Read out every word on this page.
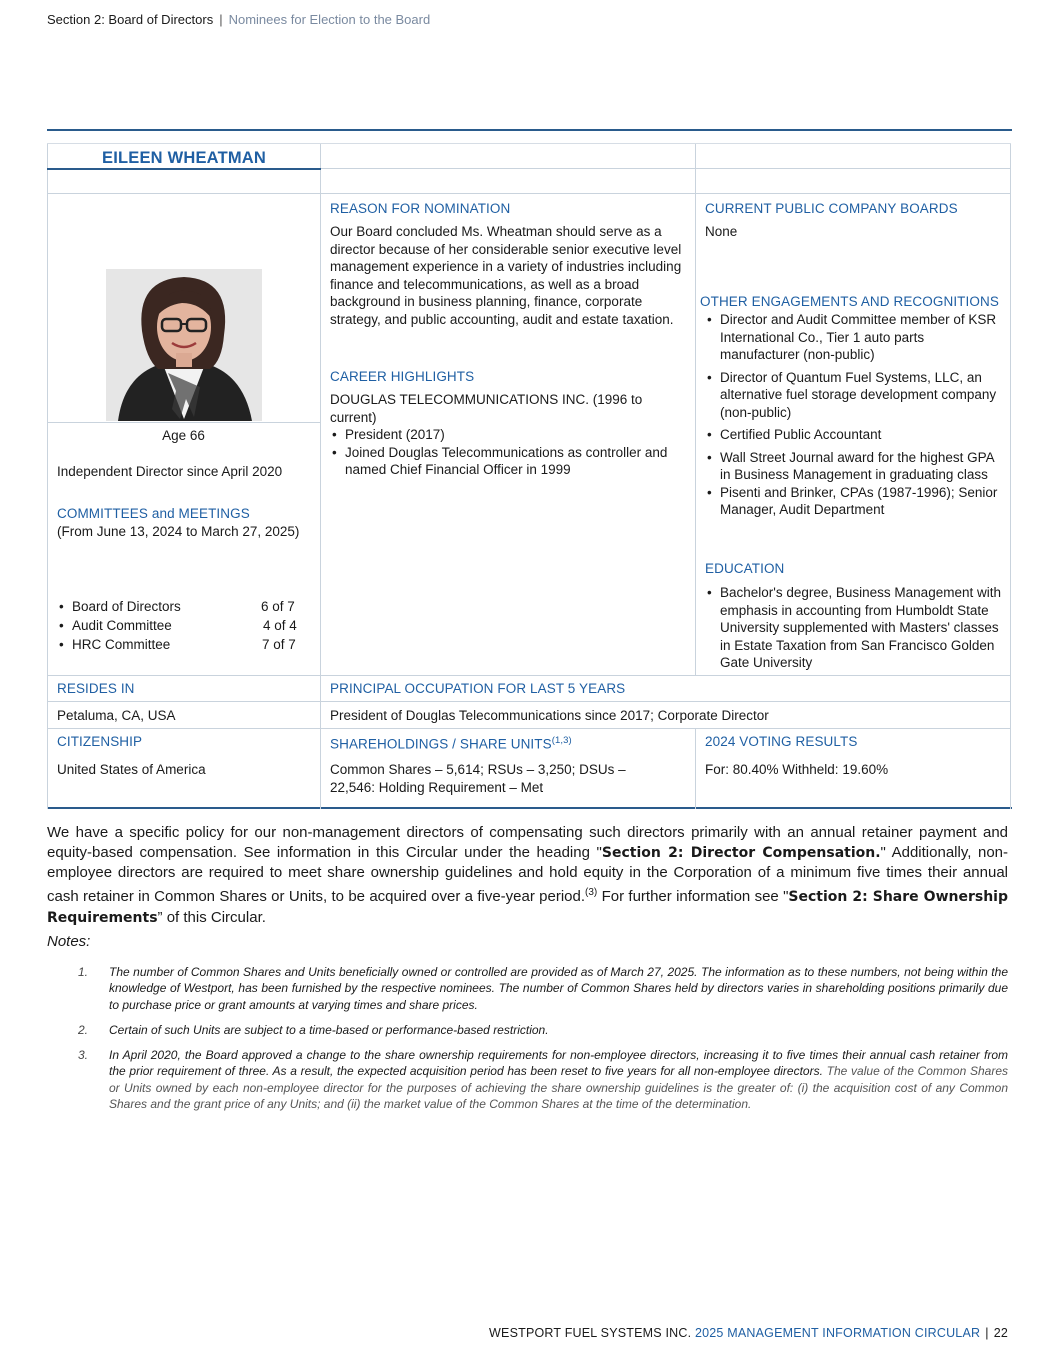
Section 2: Board of Directors | Nominees for Election to the Board
EILEEN WHEATMAN
Age 66
Independent Director since April 2020
COMMITTEES and MEETINGS
(From June 13, 2024 to March 27, 2025)
• Board of Directors	6 of 7
• Audit Committee	4 of 4
• HRC Committee	7 of 7
REASON FOR NOMINATION
Our Board concluded Ms. Wheatman should serve as a director because of her considerable senior executive level management experience in a variety of industries including finance and telecommunications, as well as a broad background in business planning, finance, corporate strategy, and public accounting, audit and estate taxation.
CAREER HIGHLIGHTS
DOUGLAS TELECOMMUNICATIONS INC. (1996 to current)
• President (2017)
• Joined Douglas Telecommunications as controller and named Chief Financial Officer in 1999
CURRENT PUBLIC COMPANY BOARDS
None
OTHER ENGAGEMENTS AND RECOGNITIONS
• Director and Audit Committee member of KSR International Co., Tier 1 auto parts manufacturer (non-public)
• Director of Quantum Fuel Systems, LLC, an alternative fuel storage development company (non-public)
• Certified Public Accountant
• Wall Street Journal award for the highest GPA in Business Management in graduating class
• Pisenti and Brinker, CPAs (1987-1996); Senior Manager, Audit Department
EDUCATION
• Bachelor's degree, Business Management with emphasis in accounting from Humboldt State University supplemented with Masters' classes in Estate Taxation from San Francisco Golden Gate University
RESIDES IN	PRINCIPAL OCCUPATION FOR LAST 5 YEARS
Petaluma, CA, USA	President of Douglas Telecommunications since 2017; Corporate Director
CITIZENSHIP	SHAREHOLDINGS / SHARE UNITS$^{(1,3)}$	2024 VOTING RESULTS
United States of America	Common Shares – 5,614; RSUs – 3,250; DSUs – 22,546: Holding Requirement – Met
For: 80.40% Withheld: 19.60%
We have a specific policy for our non-management directors of compensating such directors primarily with an annual retainer payment and equity-based compensation. See information in this Circular under the heading "Section 2: Director Compensation." Additionally, non-employee directors are required to meet share ownership guidelines and hold equity in the Corporation of a minimum five times their annual cash retainer in Common Shares or Units, to be acquired over a five-year period.$^{(3)}$ For further information see "Section 2: Share Ownership Requirements” of this Circular.
Notes:
1.	The number of Common Shares and Units beneficially owned or controlled are provided as of March 27, 2025. The information as to these numbers, not being within the knowledge of Westport, has been furnished by the respective nominees. The number of Common Shares held by directors varies in shareholding positions primarily due to purchase price or grant amounts at varying times and share prices.
2.	Certain of such Units are subject to a time-based or performance-based restriction.
3.	In April 2020, the Board approved a change to the share ownership requirements for non-employee directors, increasing it to five times their annual cash retainer from the prior requirement of three. As a result, the expected acquisition period has been reset to five years for all non-employee directors. The value of the Common Shares or Units owned by each non-employee director for the purposes of achieving the share ownership guidelines is the greater of: (i) the acquisition cost of any Common Shares and the grant price of any Units; and (ii) the market value of the Common Shares at the time of the determination.
WESTPORT FUEL SYSTEMS INC. 2025 MANAGEMENT INFORMATION CIRCULAR | 22
